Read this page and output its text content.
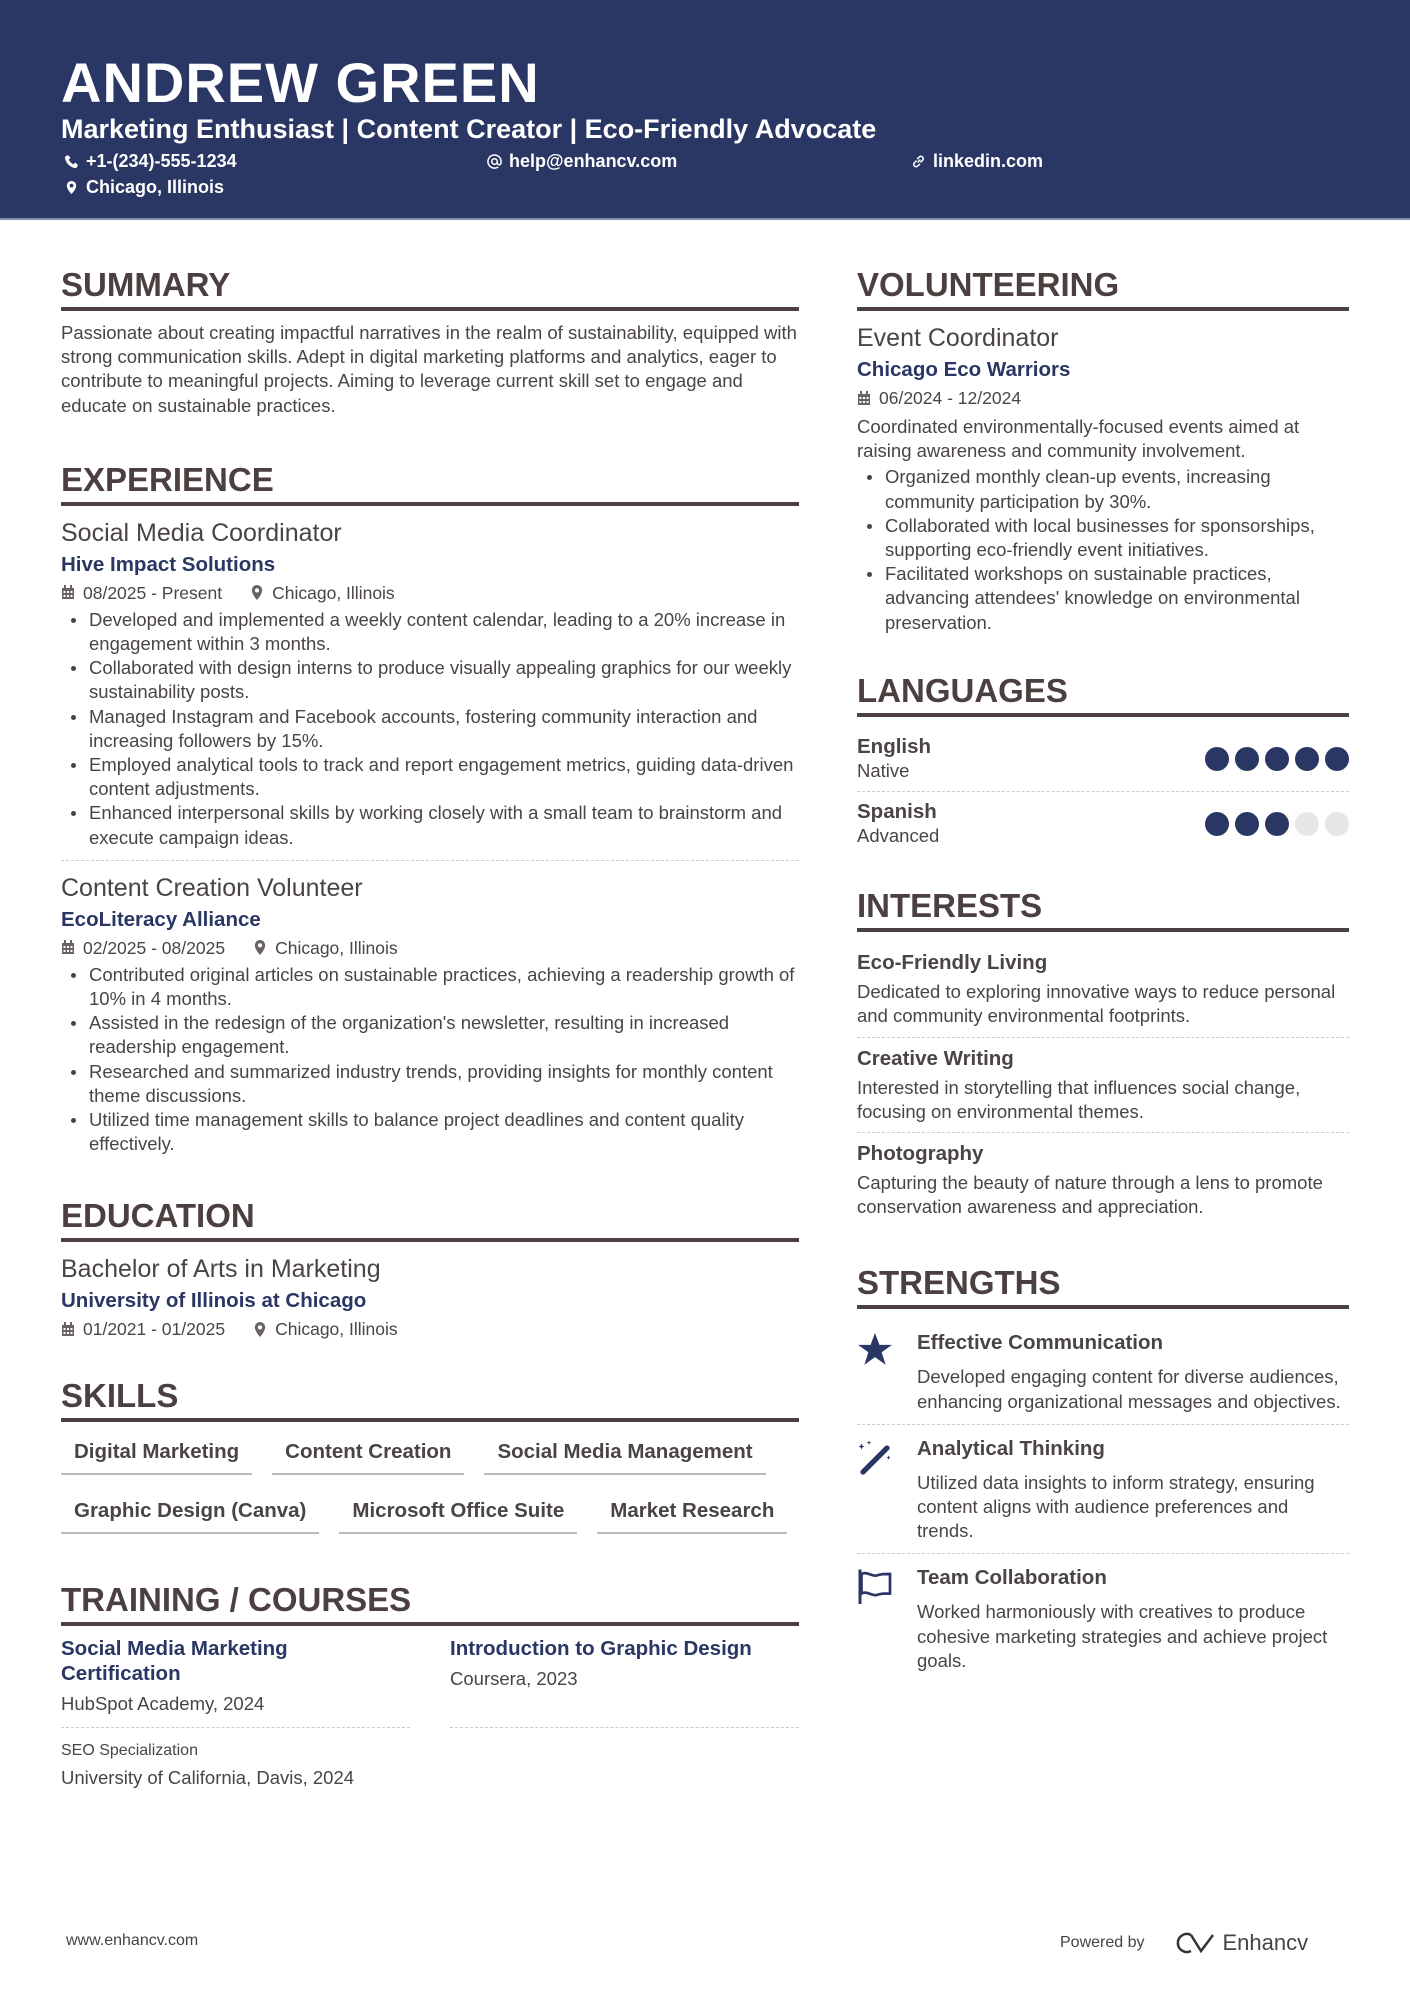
ANDREW GREEN
Marketing Enthusiast | Content Creator | Eco-Friendly Advocate
+1-(234)-555-1234	help@enhancv.com	linkedin.com
Chicago, Illinois
SUMMARY

Passionate about creating impactful narratives in the realm of sustainability, equipped with strong communication skills. Adept in digital marketing platforms and analytics, eager to contribute to meaningful projects. Aiming to leverage current skill set to engage and educate on sustainable practices.

EXPERIENCE
Social Media Coordinator
Hive Impact Solutions
08/2025 - Present	Chicago, Illinois
Developed and implemented a weekly content calendar, leading to a 20% increase in engagement within 3 months.
Collaborated with design interns to produce visually appealing graphics for our weekly sustainability posts.
Managed Instagram and Facebook accounts, fostering community interaction and increasing followers by 15%.
Employed analytical tools to track and report engagement metrics, guiding data-driven content adjustments.
Enhanced interpersonal skills by working closely with a small team to brainstorm and execute campaign ideas.
Content Creation Volunteer
EcoLiteracy Alliance
02/2025 - 08/2025	Chicago, Illinois
Contributed original articles on sustainable practices, achieving a readership growth of 10% in 4 months.
Assisted in the redesign of the organization's newsletter, resulting in increased readership engagement.
Researched and summarized industry trends, providing insights for monthly content theme discussions.
Utilized time management skills to balance project deadlines and content quality effectively.
EDUCATION
Bachelor of Arts in Marketing
University of Illinois at Chicago
01/2021 - 01/2025	Chicago, Illinois
SKILLS
Digital Marketing	Content Creation	Social Media Management
Graphic Design (Canva)	Microsoft Office Suite	Market Research
TRAINING / COURSES
Social Media Marketing Certification
HubSpot Academy, 2024
Introduction to Graphic Design
Coursera, 2023
SEO Specialization
University of California, Davis, 2024
VOLUNTEERING
Event Coordinator
Chicago Eco Warriors
06/2024 - 12/2024

Coordinated environmentally-focused events aimed at raising awareness and community involvement.

Organized monthly clean-up events, increasing community participation by 30%.
Collaborated with local businesses for sponsorships, supporting eco-friendly event initiatives.
Facilitated workshops on sustainable practices, advancing attendees' knowledge on environmental preservation.
LANGUAGES
English
Native
Spanish
Advanced
INTERESTS
Eco-Friendly Living
Dedicated to exploring innovative ways to reduce personal and community environmental footprints.
Creative Writing
Interested in storytelling that influences social change, focusing on environmental themes.
Photography
Capturing the beauty of nature through a lens to promote conservation awareness and appreciation.
STRENGTHS
Effective Communication
Developed engaging content for diverse audiences, enhancing organizational messages and objectives.
Analytical Thinking
Utilized data insights to inform strategy, ensuring content aligns with audience preferences and trends.
Team Collaboration
Worked harmoniously with creatives to produce cohesive marketing strategies and achieve project goals.
www.enhancv.com	Powered by	Enhancv
